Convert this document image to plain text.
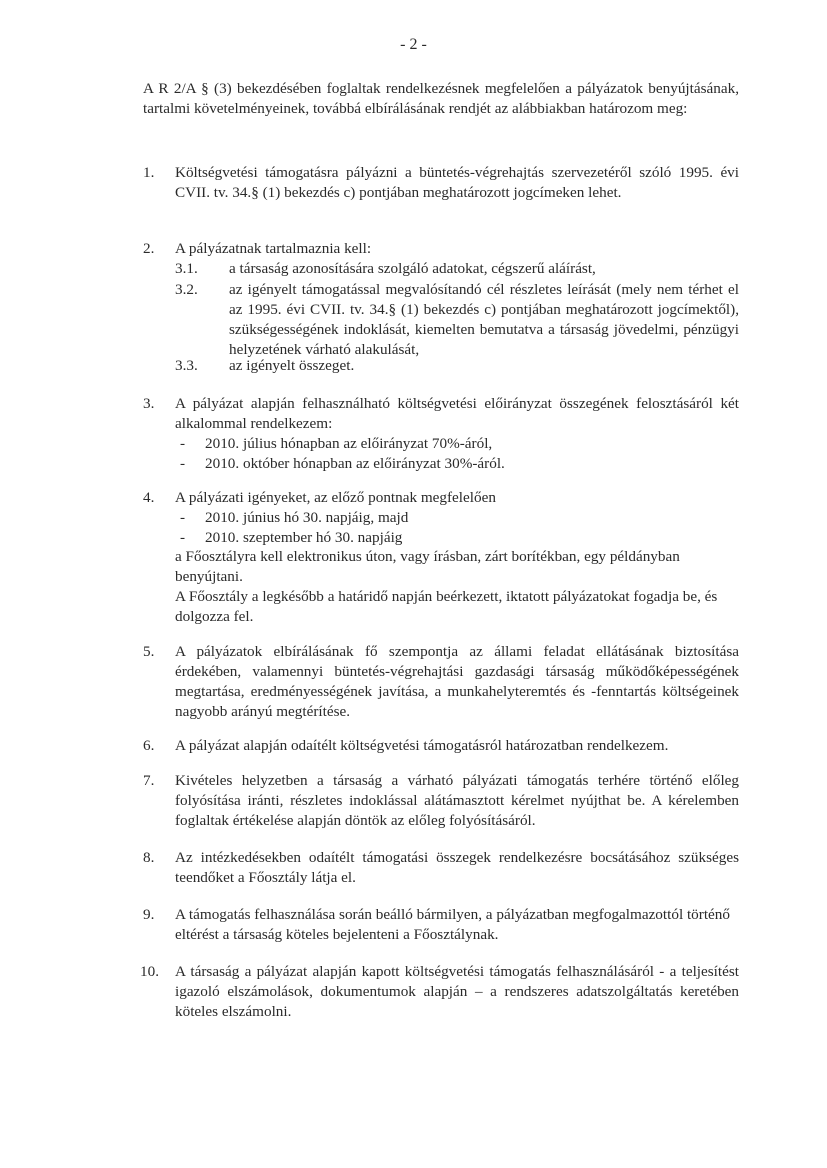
- 2 -

A R 2/A § (3) bekezdésében foglaltak rendelkezésnek megfelelően a pályázatok benyújtásának, tartalmi követelményeinek, továbbá elbírálásának rendjét az alábbiakban határozom meg:

1. Költségvetési támogatásra pályázni a büntetés-végrehajtás szervezetéről szóló 1995. évi CVII. tv. 34.§ (1) bekezdés c) pontjában meghatározott jogcímeken lehet.

2. A pályázatnak tartalmaznia kell:

3.1. a társaság azonosítására szolgáló adatokat, cégszerű aláírást,

3.2. az igényelt támogatással megvalósítandó cél részletes leírását (mely nem térhet el az 1995. évi CVII. tv. 34.§ (1) bekezdés c) pontjában meghatározott jogcímektől), szükségességének indoklását, kiemelten bemutatva a társaság jövedelmi, pénzügyi helyzetének várható alakulását,

3.3. az igényelt összeget.

3. A pályázat alapján felhasználható költségvetési előirányzat összegének felosztásáról két alkalommal rendelkezem:

- 2010. július hónapban az előirányzat 70%-áról,

- 2010. október hónapban az előirányzat 30%-áról.

4. A pályázati igényeket, az előző pontnak megfelelően

- 2010. június hó 30. napjáig, majd

- 2010. szeptember hó 30. napjáig

a Főosztályra kell elektronikus úton, vagy írásban, zárt borítékban, egy példányban benyújtani.

A Főosztály a legkésőbb a határidő napján beérkezett, iktatott pályázatokat fogadja be, és dolgozza fel.

5. A pályázatok elbírálásának fő szempontja az állami feladat ellátásának biztosítása érdekében, valamennyi büntetés-végrehajtási gazdasági társaság működőképességének megtartása, eredményességének javítása, a munkahelyteremtés és -fenntartás költségeinek nagyobb arányú megtérítése.

6. A pályázat alapján odaítélt költségvetési támogatásról határozatban rendelkezem.

7. Kivételes helyzetben a társaság a várható pályázati támogatás terhére történő előleg folyósítása iránti, részletes indoklással alátámasztott kérelmet nyújthat be. A kérelemben foglaltak értékelése alapján döntök az előleg folyósításáról.

8. Az intézkedésekben odaítélt támogatási összegek rendelkezésre bocsátásához szükséges teendőket a Főosztály látja el.

9. A támogatás felhasználása során beálló bármilyen, a pályázatban megfogalmazottól történő eltérést a társaság köteles bejelenteni a Főosztálynak.

10. A társaság a pályázat alapján kapott költségvetési támogatás felhasználásáról - a teljesítést igazoló elszámolások, dokumentumok alapján – a rendszeres adatszolgáltatás keretében köteles elszámolni.
